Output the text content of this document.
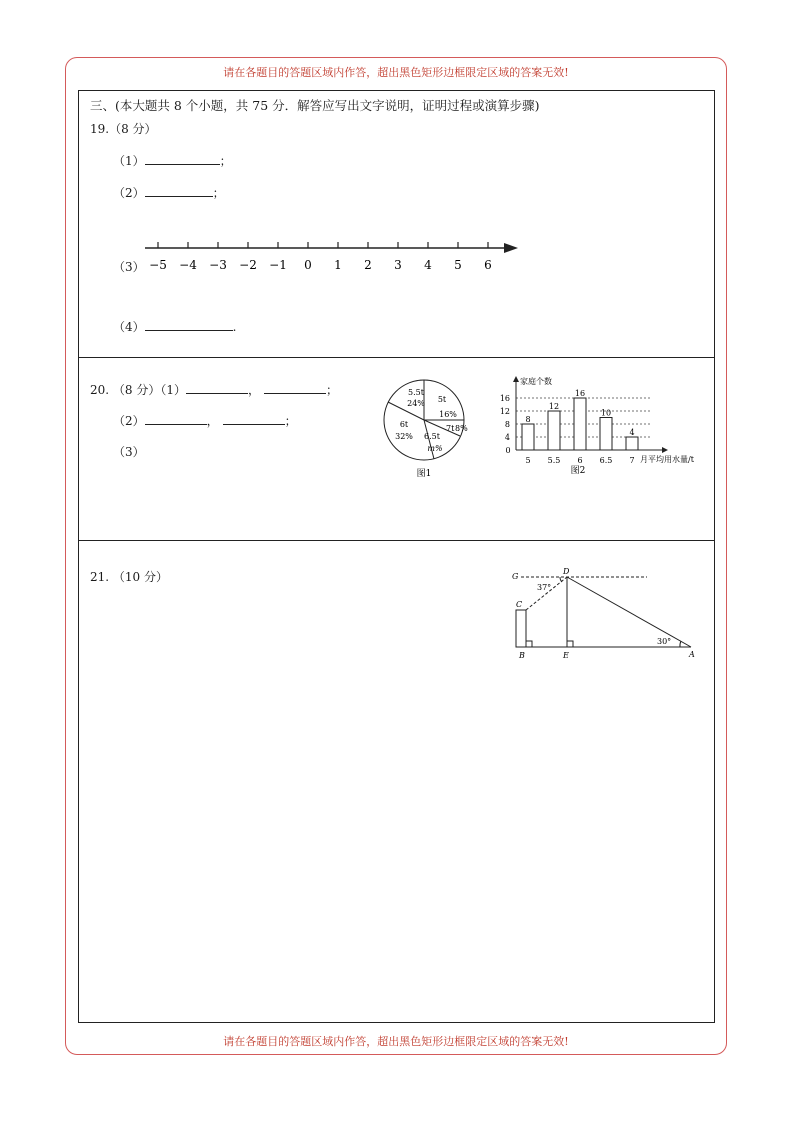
请在各题目的答题区域内作答，超出黑色矩形边框限定区域的答案无效!
请在各题目的答题区域内作答，超出黑色矩形边框限定区域的答案无效!
三、(本大题共 8 个小题，共 75 分．解答应写出文字说明，证明过程或演算步骤)
19.（8 分）
（1）	；
（2）	；
（3） −5 −4 −3 −2 −1 0 1 2 3 4 5 6
（4）	.
20. （8 分）（1）	，	；
（2）	，	；
（3）
5.5t
24% 5t
16%
7t 8%
6.5t
m%
6t
32%
图1
家庭个数
月平均用水量/t
0
4
8
12
16
8
5
12
5.5
16
6
10
6.5
4
7
图2
21. （10 分）	G
D
C
B	E	A
37°
30°
